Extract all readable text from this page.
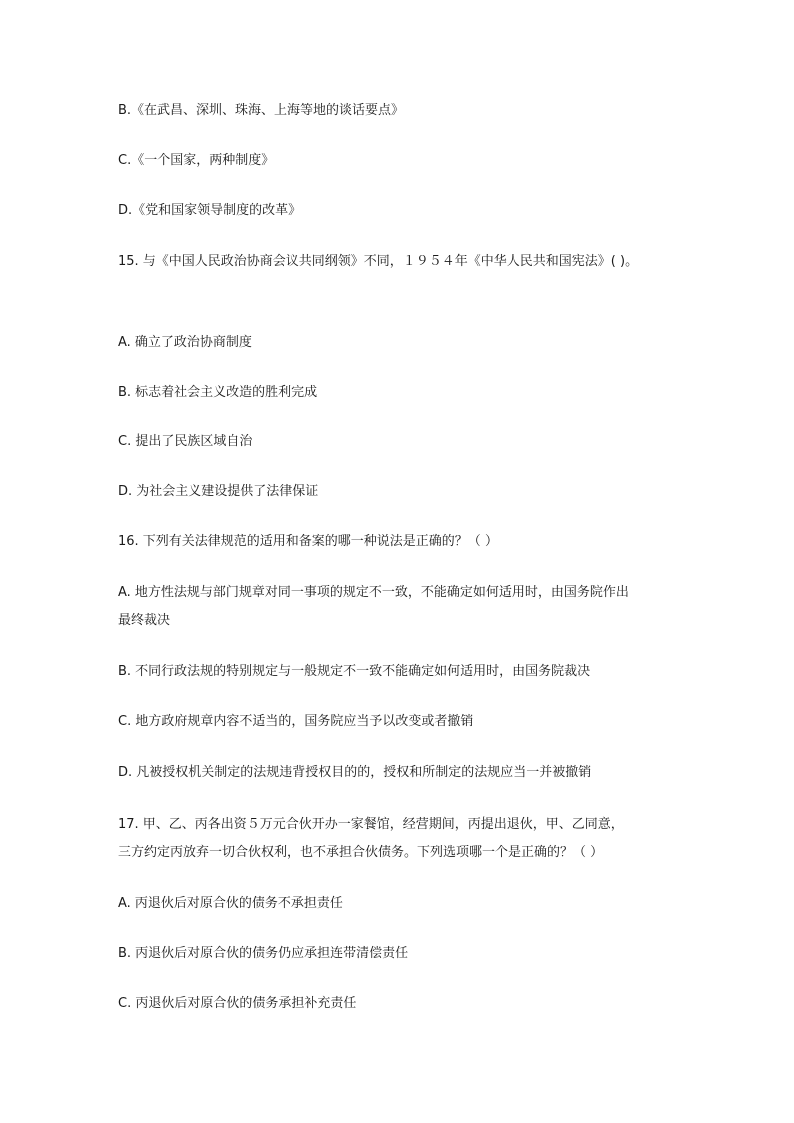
B.《在武昌、深圳、珠海、上海等地的谈话要点》
C.《一个国家，两种制度》
D.《党和国家领导制度的改革》
15. 与《中国人民政治协商会议共同纲领》不同，１９５４年《中华人民共和国宪法》( )。
A. 确立了政治协商制度
B. 标志着社会主义改造的胜利完成
C. 提出了民族区域自治
D. 为社会主义建设提供了法律保证
16. 下列有关法律规范的适用和备案的哪一种说法是正确的？（ ）
A. 地方性法规与部门规章对同一事项的规定不一致，不能确定如何适用时，由国务院作出
最终裁决
B. 不同行政法规的特别规定与一般规定不一致不能确定如何适用时，由国务院裁决
C. 地方政府规章内容不适当的，国务院应当予以改变或者撤销
D. 凡被授权机关制定的法规违背授权目的的，授权和所制定的法规应当一并被撤销
17. 甲、乙、丙各出资５万元合伙开办一家餐馆，经营期间，丙提出退伙，甲、乙同意，
三方约定丙放弃一切合伙权利，也不承担合伙债务。下列选项哪一个是正确的？（ ）
A. 丙退伙后对原合伙的债务不承担责任
B. 丙退伙后对原合伙的债务仍应承担连带清偿责任
C. 丙退伙后对原合伙的债务承担补充责任
